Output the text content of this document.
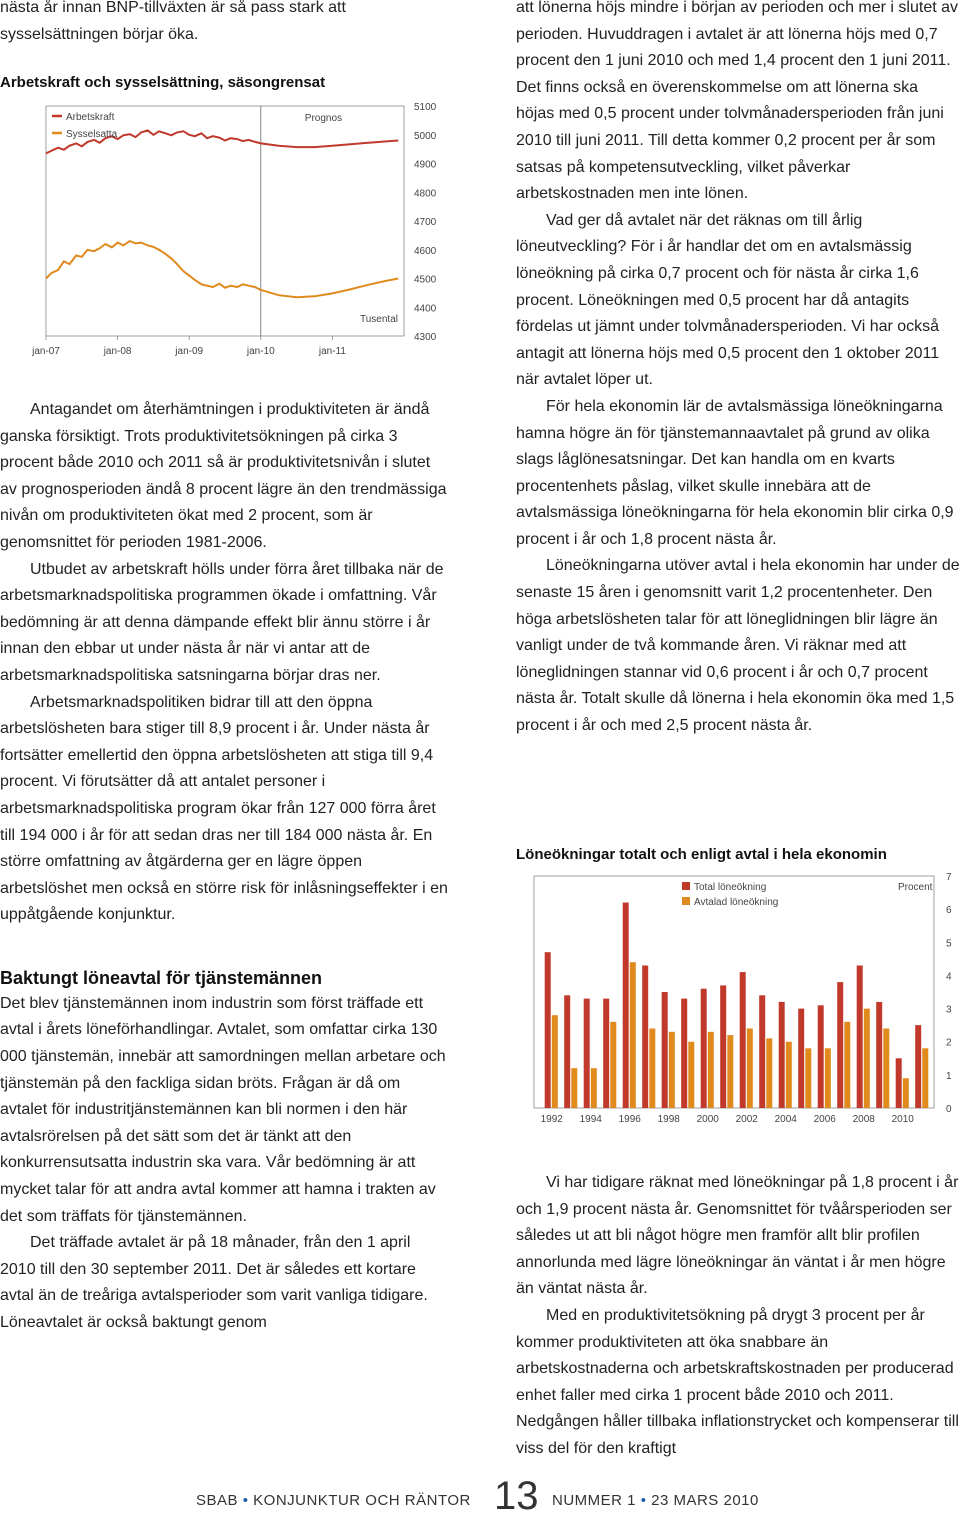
nästa år innan BNP-tillväxten är så pass stark att sysselsättningen börjar öka.

Arbetskraft och sysselsättning, säsongrensat
5100
5000
4900
4800
4700
4600
4500
4400
4300
jan-07	jan-08	jan-09	jan-10	jan-11
Prognos
Tusental
Arbetskraft
Sysselsatta

Antagandet om återhämtningen i produktiviteten är ändå ganska försiktigt. Trots produktivitetsökningen på cirka 3 procent både 2010 och 2011 så är produktivitetsnivån i slutet av prognosperioden ändå 8 procent lägre än den trendmässiga nivån om produktiviteten ökat med 2 procent, som är genomsnittet för perioden 1981-2006.

Utbudet av arbetskraft hölls under förra året tillbaka när de arbetsmarknadspolitiska programmen ökade i omfattning. Vår bedömning är att denna dämpande effekt blir ännu större i år innan den ebbar ut under nästa år när vi antar att de arbetsmarknadspolitiska satsningarna börjar dras ner.

Arbetsmarknadspolitiken bidrar till att den öppna arbetslösheten bara stiger till 8,9 procent i år. Under nästa år fortsätter emellertid den öppna arbetslösheten att stiga till 9,4 procent. Vi förutsätter då att antalet personer i arbetsmarknadspolitiska program ökar från 127 000 förra året till 194 000 i år för att sedan dras ner till 184 000 nästa år. En större omfattning av åtgärderna ger en lägre öppen arbetslöshet men också en större risk för inlåsningseffekter i en uppåtgående konjunktur.

Baktungt löneavtal för tjänstemännen

Det blev tjänstemännen inom industrin som först träffade ett avtal i årets löneförhandlingar. Avtalet, som omfattar cirka 130 000 tjänstemän, innebär att samordningen mellan arbetare och tjänstemän på den fackliga sidan bröts. Frågan är då om avtalet för industritjänstemännen kan bli normen i den här avtalsrörelsen på det sätt som det är tänkt att den konkurrensutsatta industrin ska vara. Vår bedömning är att mycket talar för att andra avtal kommer att hamna i trakten av det som träffats för tjänstemännen.

Det träffade avtalet är på 18 månader, från den 1 april 2010 till den 30 september 2011. Det är således ett kortare avtal än de treåriga avtalsperioder som varit vanliga tidigare. Löneavtalet är också baktungt genom

att lönerna höjs mindre i början av perioden och mer i slutet av perioden. Huvuddragen i avtalet är att lönerna höjs med 0,7 procent den 1 juni 2010 och med 1,4 procent den 1 juni 2011. Det finns också en överenskommelse om att lönerna ska höjas med 0,5 procent under tolvmånadersperioden från juni 2010 till juni 2011. Till detta kommer 0,2 procent per år som satsas på kompetensutveckling, vilket påverkar arbetskostnaden men inte lönen.

Vad ger då avtalet när det räknas om till årlig löneutveckling? För i år handlar det om en avtalsmässig löneökning på cirka 0,7 procent och för nästa år cirka 1,6 procent. Löneökningen med 0,5 procent har då antagits fördelas ut jämnt under tolvmånadersperioden. Vi har också antagit att lönerna höjs med 0,5 procent den 1 oktober 2011 när avtalet löper ut.

För hela ekonomin lär de avtalsmässiga löneökningarna hamna högre än för tjänstemannaavtalet på grund av olika slags låglönesatsningar. Det kan handla om en kvarts procentenhets påslag, vilket skulle innebära att de avtalsmässiga löneökningarna för hela ekonomin blir cirka 0,9 procent i år och 1,8 procent nästa år.

Löneökningarna utöver avtal i hela ekonomin har under de senaste 15 åren i genomsnitt varit 1,2 procentenheter. Den höga arbetslösheten talar för att löneglidningen blir lägre än vanligt under de två kommande åren. Vi räknar med att löneglidningen stannar vid 0,6 procent i år och 0,7 procent nästa år. Totalt skulle då lönerna i hela ekonomin öka med 1,5 procent i år och med 2,5 procent nästa år.

Löneökningar totalt och enligt avtal i hela ekonomin
7
6
5
4
3
2
1
0
Procent
1992 1994 1996 1998 2000 2002 2004 2006 2008 2010
Total löneökning
Avtalad löneökning

Vi har tidigare räknat med löneökningar på 1,8 procent i år och 1,9 procent nästa år. Genomsnittet för tvåårsperioden ser således ut att bli något högre men framför allt blir profilen annorlunda med lägre löneökningar än väntat i år men högre än väntat nästa år.

Med en produktivitetsökning på drygt 3 procent per år kommer produktiviteten att öka snabbare än arbetskostnaderna och arbetskraftskostnaden per producerad enhet faller med cirka 1 procent både 2010 och 2011. Nedgången håller tillbaka inflationstrycket och kompenserar till viss del för den kraftigt

SBAB • KONJUNKTUR OCH RÄNTOR 13 NUMMER 1 • 23 MARS 2010
